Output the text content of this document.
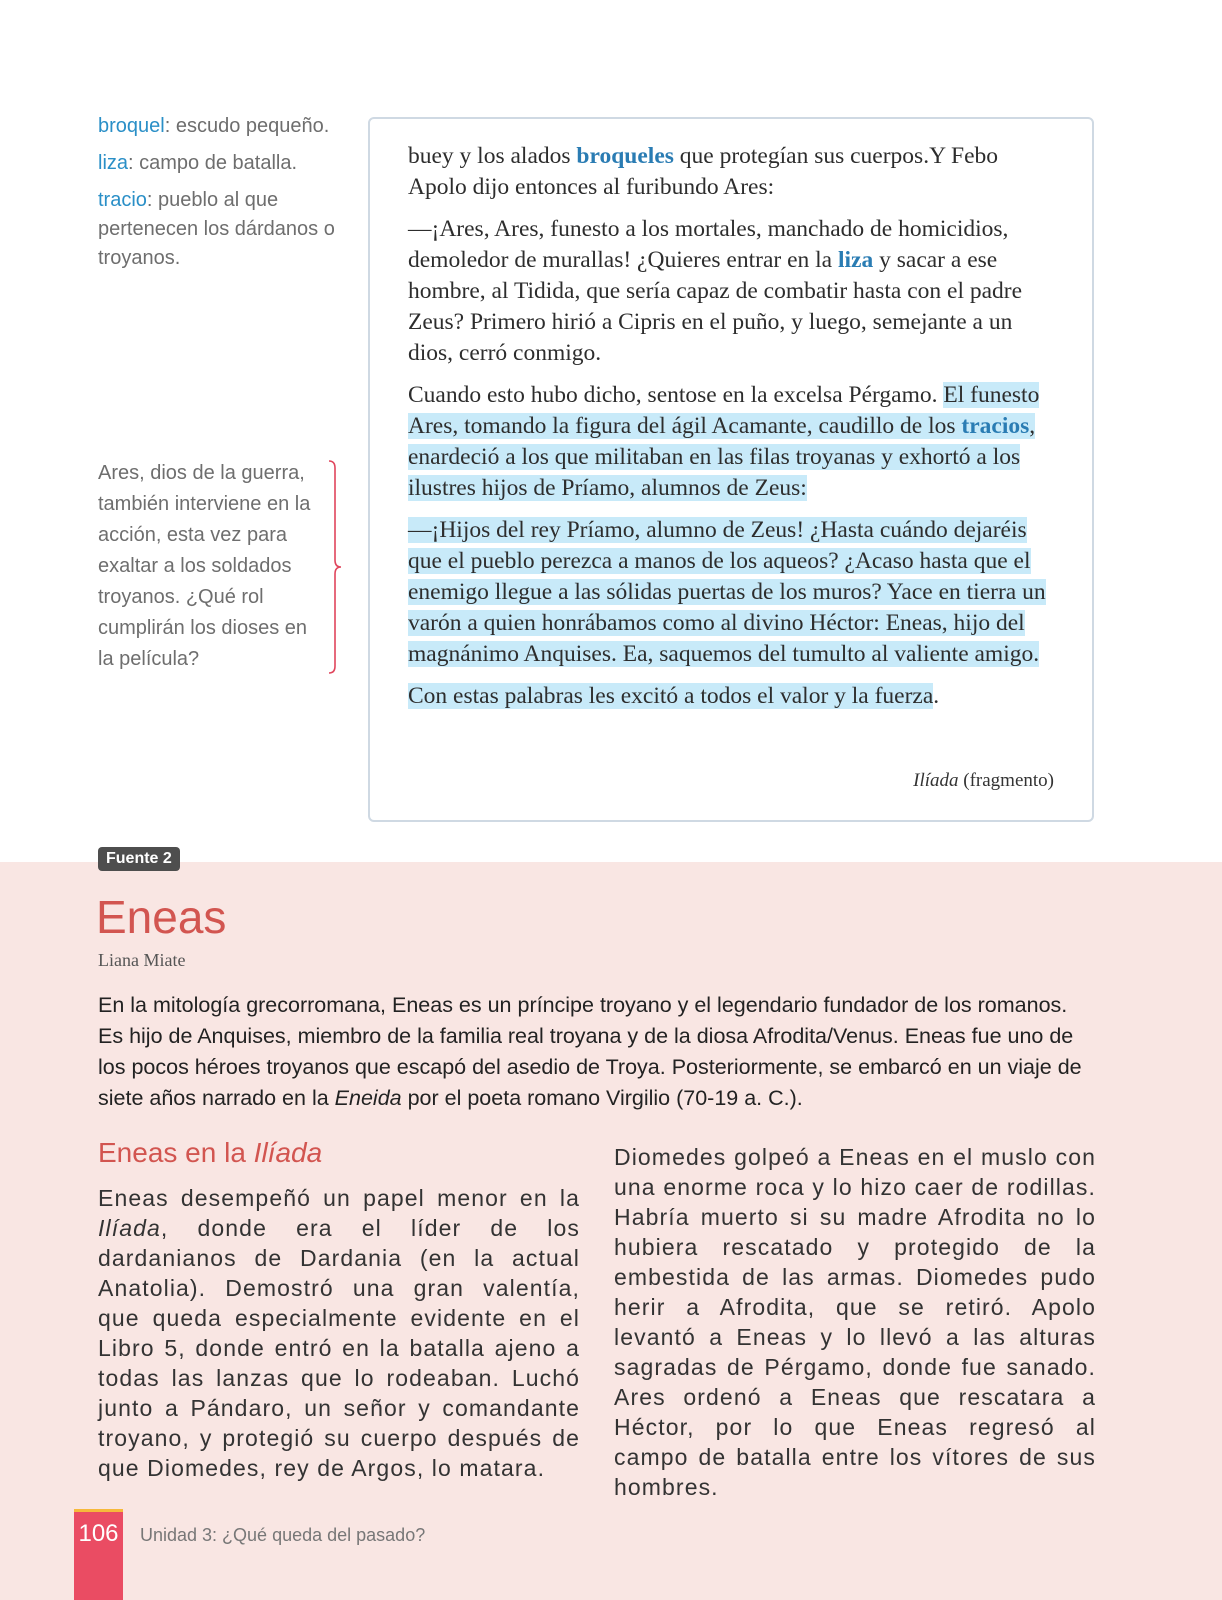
broquel: escudo pequeño.

liza: campo de batalla.

tracio: pueblo al que pertenecen los dárdanos o troyanos.

Ares, dios de la guerra, también interviene en la acción, esta vez para exaltar a los soldados troyanos. ¿Qué rol cumplirán los dioses en la película?

buey y los alados broqueles que protegían sus cuerpos.Y Febo Apolo dijo entonces al furibundo Ares:

—¡Ares, Ares, funesto a los mortales, manchado de homicidios, demoledor de murallas! ¿Quieres entrar en la liza y sacar a ese hombre, al Tidida, que sería capaz de combatir hasta con el padre Zeus? Primero hirió a Cipris en el puño, y luego, semejante a un dios, cerró conmigo.

Cuando esto hubo dicho, sentose en la excelsa Pérgamo. El funesto Ares, tomando la figura del ágil Acamante, caudillo de los tracios, enardeció a los que militaban en las filas troyanas y exhortó a los ilustres hijos de Príamo, alumnos de Zeus:

—¡Hijos del rey Príamo, alumno de Zeus! ¿Hasta cuándo dejaréis que el pueblo perezca a manos de los aqueos? ¿Acaso hasta que el enemigo llegue a las sólidas puertas de los muros? Yace en tierra un varón a quien honrábamos como al divino Héctor: Eneas, hijo del magnánimo Anquises. Ea, saquemos del tumulto al valiente amigo.

Con estas palabras les excitó a todos el valor y la fuerza.

Ilíada (fragmento)
Fuente 2
Eneas
Liana Miate
En la mitología grecorromana, Eneas es un príncipe troyano y el legendario fundador de los romanos. Es hijo de Anquises, miembro de la familia real troyana y de la diosa Afrodita/Venus. Eneas fue uno de los pocos héroes troyanos que escapó del asedio de Troya. Posteriormente, se embarcó en un viaje de siete años narrado en la Eneida por el poeta romano Virgilio (70-19 a. C.).
Eneas en la Ilíada
Eneas desempeñó un papel menor en la Ilíada, donde era el líder de los dardanianos de Dardania (en la actual Anatolia). Demostró una gran valentía, que queda especialmente evidente en el Libro 5, donde entró en la batalla ajeno a todas las lanzas que lo rodeaban. Luchó junto a Pándaro, un señor y comandante troyano, y protegió su cuerpo después de que Diomedes, rey de Argos, lo matara.
Diomedes golpeó a Eneas en el muslo con una enorme roca y lo hizo caer de rodillas. Habría muerto si su madre Afrodita no lo hubiera rescatado y protegido de la embestida de las armas. Diomedes pudo herir a Afrodita, que se retiró. Apolo levantó a Eneas y lo llevó a las alturas sagradas de Pérgamo, donde fue sanado. Ares ordenó a Eneas que rescatara a Héctor, por lo que Eneas regresó al campo de batalla entre los vítores de sus hombres.
106 Unidad 3: ¿Qué queda del pasado?
